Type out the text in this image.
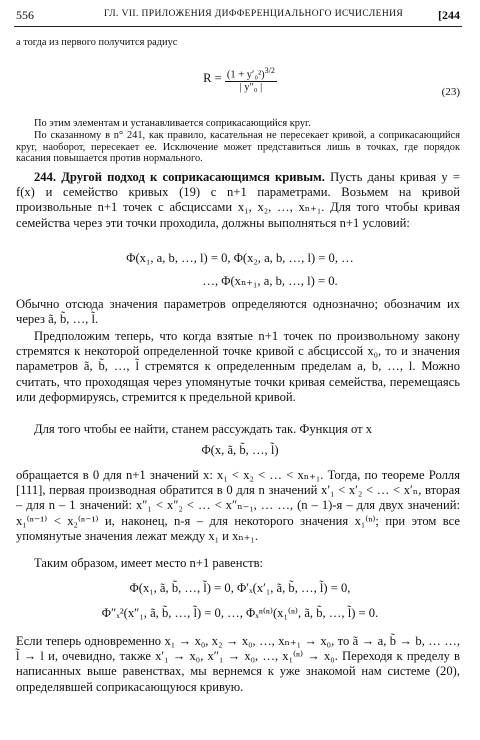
556	ГЛ. VII. ПРИЛОЖЕНИЯ ДИФФЕРЕНЦИАЛЬНОГО ИСЧИСЛЕНИЯ	[244
а тогда из первого получится радиус
$R = \frac{(1 + y'_0^2)^{3/2}}{\text{| y″₀ |}}$	(23)
По этим элементам и устанавливается соприкасающийся круг.
По сказанному в n° 241, как правило, касательная не пересекает кривой, а соприкасающийся круг, наоборот, пересекает ее. Исключение может представиться лишь в точках, где порядок касания повышается против нормального.
244. Другой подход к соприкасающимся кривым. Пусть даны кривая y = f(x) и семейство кривых (19) с n+1 параметрами. Возьмем на кривой произвольные n+1 точек с абсциссами x₁, x₂, …, xₙ₊₁. Для того чтобы кривая семейства через эти точки проходила, должны выполняться n+1 условий:
Φ(x₁, a, b, …, l) = 0, Φ(x₂, a, b, …, l) = 0, …
…, Φ(xₙ₊₁, a, b, …, l) = 0.
Обычно отсюда значения параметров определяются однозначно; обозначим их через ã, b̃, …, l̃.
Предположим теперь, что когда взятые n+1 точек по произвольному закону стремятся к некоторой определенной точке кривой с абсциссой x₀, то и значения параметров ã, b̃, …, l̃ стремятся к определенным пределам a, b, …, l. Можно считать, что проходящая через упомянутые точки кривая семейства, перемещаясь или деформируясь, стремится к предельной кривой.
Для того чтобы ее найти, станем рассуждать так. Функция от x
Φ(x, ã, b̃, …, l̃)
обращается в 0 для n+1 значений x: x₁ < x₂ < … < xₙ₊₁. Тогда, по теореме Ролля [111], первая производная обратится в 0 для n значений x′₁ < x′₂ < … < x′ₙ, вторая – для n – 1 значений: x″₁ < x″₂ < … < x″ₙ₋₁, … …, (n – 1)-я – для двух значений: x₁⁽ⁿ⁻¹⁾ < x₂⁽ⁿ⁻¹⁾ и, наконец, n-я – для некоторого значения x₁⁽ⁿ⁾; при этом все упомянутые значения лежат между x₁ и xₙ₊₁.
Таким образом, имеет место n+1 равенств:
Φ(x₁, ã, b̃, …, l̃) = 0, Φ′ₓ(x′₁, ã, b̃, …, l̃) = 0,
Φ″ₓ²(x″₁, ã, b̃, …, l̃) = 0, …, Φₓⁿ⁽ⁿ⁾(x₁⁽ⁿ⁾, ã, b̃, …, l̃) = 0.
Если теперь одновременно x₁ → x₀, x₂ → x₀, …, xₙ₊₁ → x₀, то ã → a, b̃ → b, … …, l̃ → l и, очевидно, также x′₁ → x₀, x″₁ → x₀, …, x₁⁽ⁿ⁾ → x₀. Переходя к пределу в написанных выше равенствах, мы вернемся к уже знакомой нам системе (20), определявшей соприкасающуюся кривую.
